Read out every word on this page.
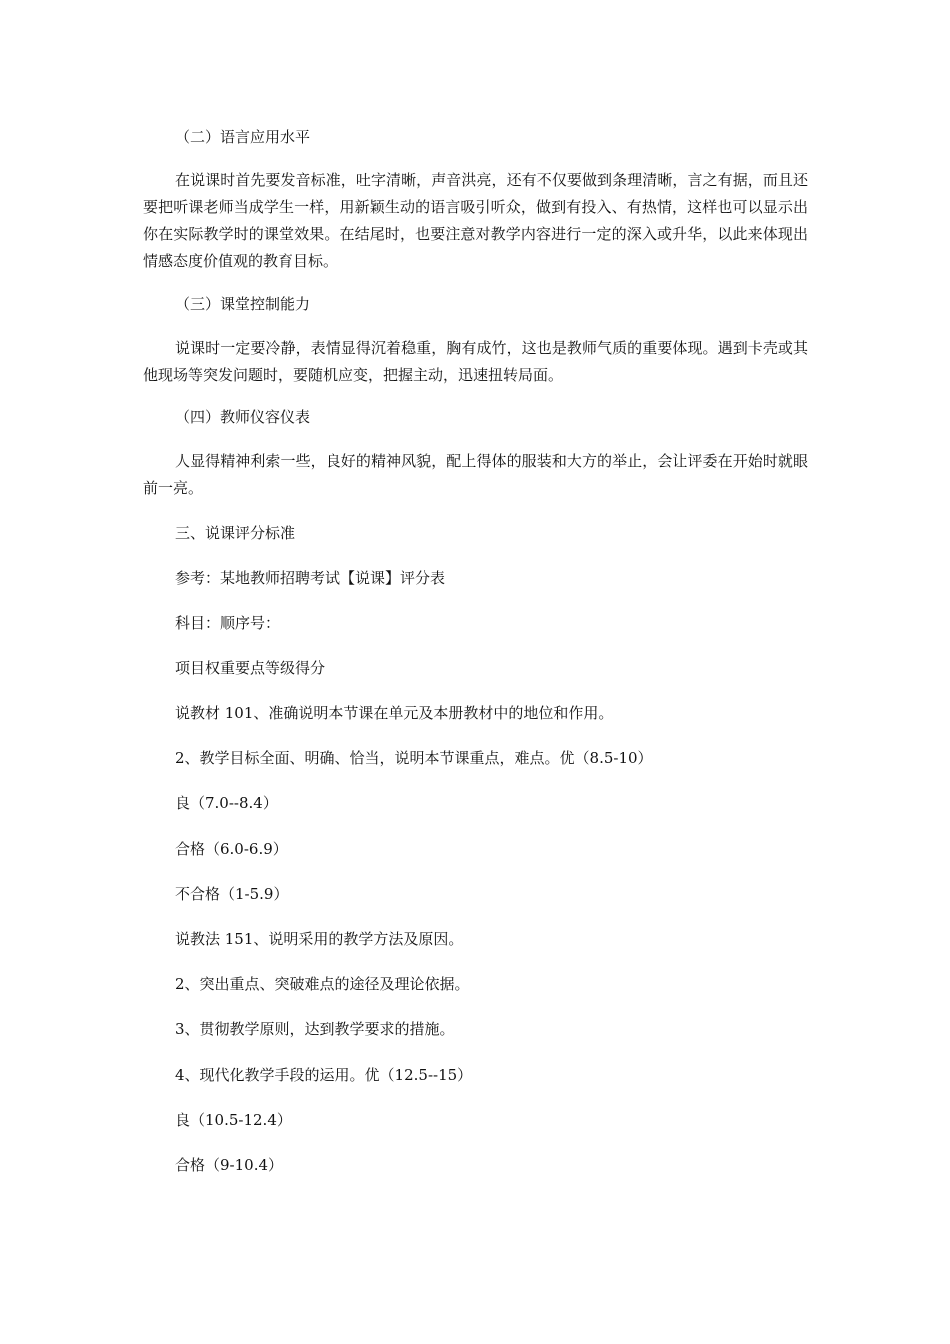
（二）语言应用水平

在说课时首先要发音标准，吐字清晰，声音洪亮，还有不仅要做到条理清晰，言之有据，而且还要把听课老师当成学生一样，用新颖生动的语言吸引听众，做到有投入、有热情，这样也可以显示出你在实际教学时的课堂效果。在结尾时，也要注意对教学内容进行一定的深入或升华，以此来体现出情感态度价值观的教育目标。

（三）课堂控制能力

说课时一定要冷静，表情显得沉着稳重，胸有成竹，这也是教师气质的重要体现。遇到卡壳或其他现场等突发问题时，要随机应变，把握主动，迅速扭转局面。

（四）教师仪容仪表

人显得精神利索一些，良好的精神风貌，配上得体的服装和大方的举止，会让评委在开始时就眼前一亮。

三、说课评分标准

参考：某地教师招聘考试【说课】评分表

科目：顺序号：

项目权重要点等级得分

说教材 101、准确说明本节课在单元及本册教材中的地位和作用。

2、教学目标全面、明确、恰当，说明本节课重点，难点。优（8.5-10）

良（7.0--8.4）

合格（6.0-6.9）

不合格（1-5.9）

说教法 151、说明采用的教学方法及原因。

2、突出重点、突破难点的途径及理论依据。

3、贯彻教学原则，达到教学要求的措施。

4、现代化教学手段的运用。优（12.5--15）

良（10.5-12.4）

合格（9-10.4）
